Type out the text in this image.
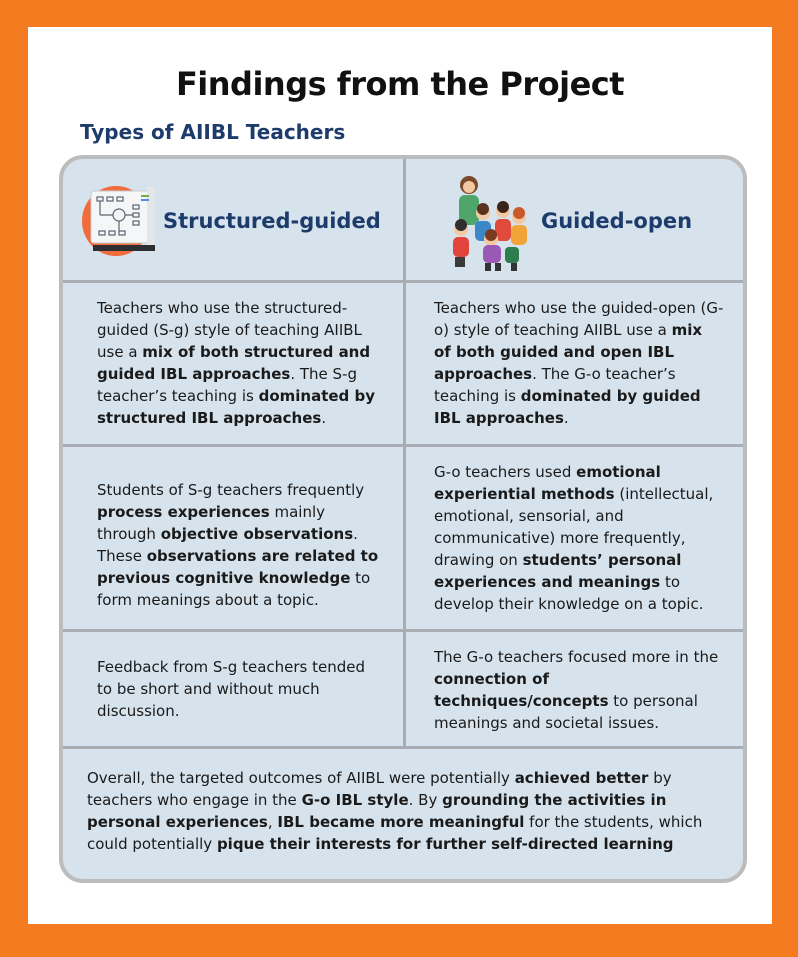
Findings from the Project
Types of AIIBL Teachers
Structured-guided	Guided-open
Teachers who use the structured-guided (S-g) style of teaching AIIBL use a mix of both structured and guided IBL approaches. The S-g teacher’s teaching is dominated by structured IBL approaches.
Teachers who use the guided-open (G-o) style of teaching AIIBL use a mix of both guided and open IBL approaches. The G-o teacher’s teaching is dominated by guided IBL approaches.
Students of S-g teachers frequently process experiences mainly through objective observations. These observations are related to previous cognitive knowledge to form meanings about a topic.
G-o teachers used emotional experiential methods (intellectual, emotional, sensorial, and communicative) more frequently, drawing on students’ personal experiences and meanings to develop their knowledge on a topic.
Feedback from S-g teachers tended to be short and without much discussion.
The G-o teachers focused more in the connection of techniques/concepts to personal meanings and societal issues.
Overall, the targeted outcomes of AIIBL were potentially achieved better by teachers who engage in the G-o IBL style. By grounding the activities in personal experiences, IBL became more meaningful for the students, which could potentially pique their interests for further self-directed learning
